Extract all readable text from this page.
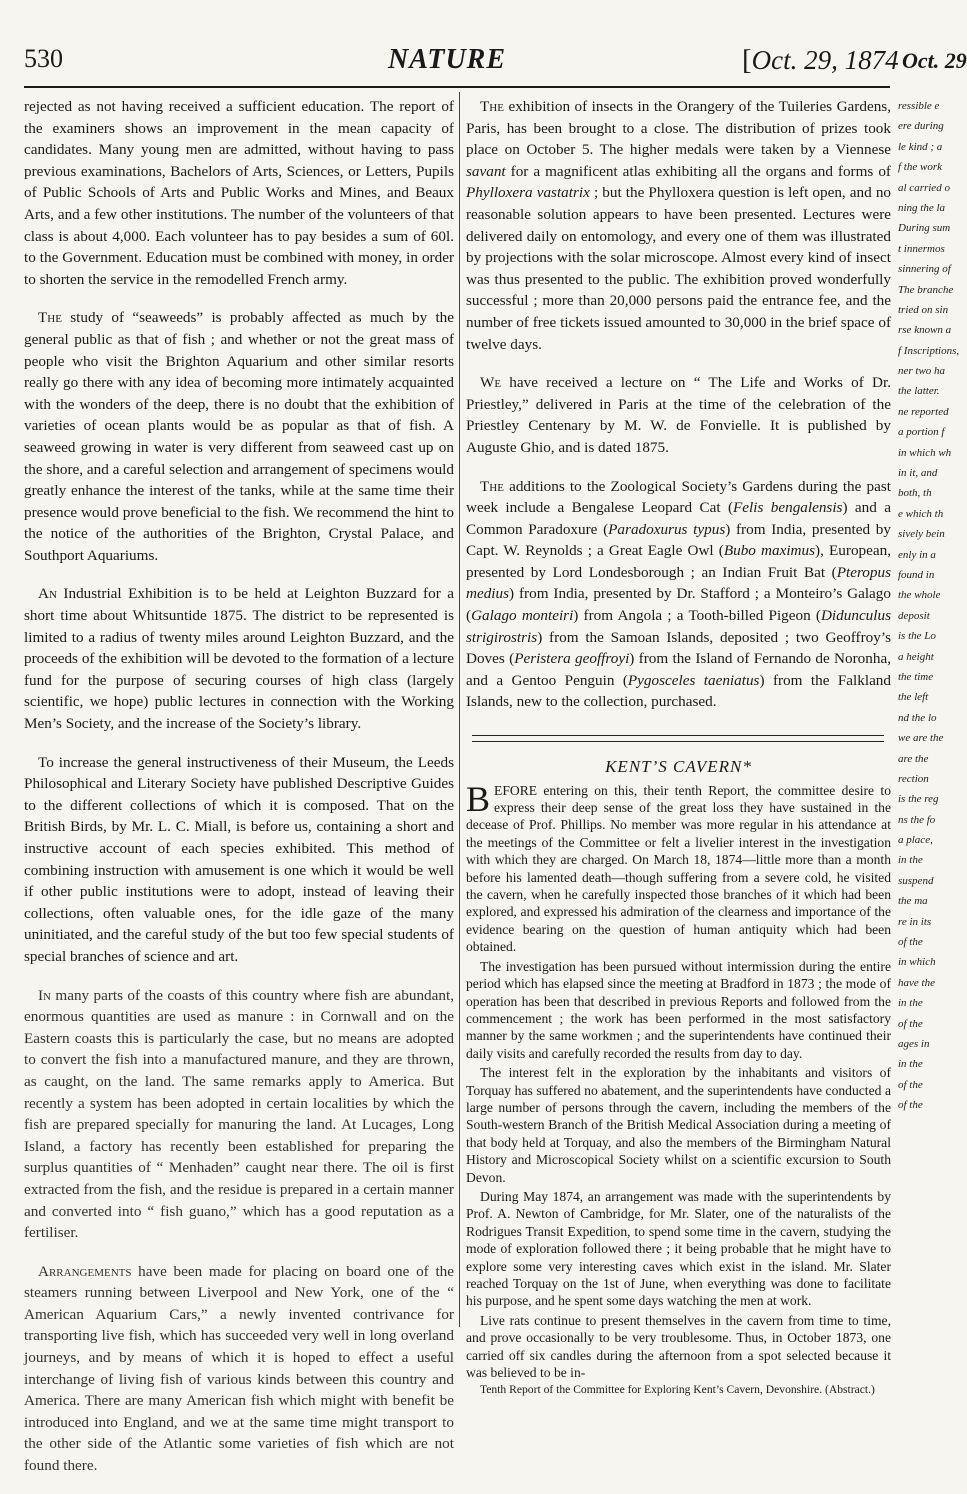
530	NATURE	[Oct. 29, 1874 Oct. 29

rejected as not having received a sufficient education. The report of the examiners shows an improvement in the mean capacity of candidates. Many young men are admitted, without having to pass previous examinations, Bachelors of Arts, Sciences, or Letters, Pupils of Public Schools of Arts and Public Works and Mines, and Beaux Arts, and a few other institutions. The number of the volunteers of that class is about 4,000. Each volunteer has to pay besides a sum of 60l. to the Government. Education must be combined with money, in order to shorten the service in the remodelled French army.

The study of “seaweeds” is probably affected as much by the general public as that of fish ; and whether or not the great mass of people who visit the Brighton Aquarium and other similar resorts really go there with any idea of becoming more intimately acquainted with the wonders of the deep, there is no doubt that the exhibition of varieties of ocean plants would be as popular as that of fish. A seaweed growing in water is very different from seaweed cast up on the shore, and a careful selection and arrangement of specimens would greatly enhance the interest of the tanks, while at the same time their presence would prove beneficial to the fish. We recommend the hint to the notice of the authorities of the Brighton, Crystal Palace, and Southport Aquariums.

An Industrial Exhibition is to be held at Leighton Buzzard for a short time about Whitsuntide 1875. The district to be represented is limited to a radius of twenty miles around Leighton Buzzard, and the proceeds of the exhibition will be devoted to the formation of a lecture fund for the purpose of securing courses of high class (largely scientific, we hope) public lectures in connection with the Working Men’s Society, and the increase of the Society’s library.

To increase the general instructiveness of their Museum, the Leeds Philosophical and Literary Society have published Descriptive Guides to the different collections of which it is composed. That on the British Birds, by Mr. L. C. Miall, is before us, containing a short and instructive account of each species exhibited. This method of combining instruction with amusement is one which it would be well if other public institutions were to adopt, instead of leaving their collections, often valuable ones, for the idle gaze of the many uninitiated, and the careful study of the but too few special students of special branches of science and art.

In many parts of the coasts of this country where fish are abundant, enormous quantities are used as manure : in Cornwall and on the Eastern coasts this is particularly the case, but no means are adopted to convert the fish into a manufactured manure, and they are thrown, as caught, on the land. The same remarks apply to America. But recently a system has been adopted in certain localities by which the fish are prepared specially for manuring the land. At Lucages, Long Island, a factory has recently been established for preparing the surplus quantities of “ Menhaden” caught near there. The oil is first extracted from the fish, and the residue is prepared in a certain manner and converted into “ fish guano,” which has a good reputation as a fertiliser.

Arrangements have been made for placing on board one of the steamers running between Liverpool and New York, one of the “ American Aquarium Cars,” a newly invented contrivance for transporting live fish, which has succeeded very well in long overland journeys, and by means of which it is hoped to effect a useful interchange of living fish of various kinds between this country and America. There are many American fish which might with benefit be introduced into England, and we at the same time might transport to the other side of the Atlantic some varieties of fish which are not found there.

The exhibition of insects in the Orangery of the Tuileries Gardens, Paris, has been brought to a close. The distribution of prizes took place on October 5. The higher medals were taken by a Viennese savant for a magnificent atlas exhibiting all the organs and forms of Phylloxera vastatrix ; but the Phylloxera question is left open, and no reasonable solution appears to have been presented. Lectures were delivered daily on entomology, and every one of them was illustrated by projections with the solar microscope. Almost every kind of insect was thus presented to the public. The exhibition proved wonderfully successful ; more than 20,000 persons paid the entrance fee, and the number of free tickets issued amounted to 30,000 in the brief space of twelve days.

We have received a lecture on “ The Life and Works of Dr. Priestley,” delivered in Paris at the time of the celebration of the Priestley Centenary by M. W. de Fonvielle. It is published by Auguste Ghio, and is dated 1875.

The additions to the Zoological Society’s Gardens during the past week include a Bengalese Leopard Cat (Felis bengalensis) and a Common Paradoxure (Paradoxurus typus) from India, presented by Capt. W. Reynolds ; a Great Eagle Owl (Bubo maximus), European, presented by Lord Londesborough ; an Indian Fruit Bat (Pteropus medius) from India, presented by Dr. Stafford ; a Monteiro’s Galago (Galago monteiri) from Angola ; a Tooth-billed Pigeon (Didunculus strigirostris) from the Samoan Islands, deposited ; two Geoffroy’s Doves (Peristera geoffroyi) from the Island of Fernando de Noronha, and a Gentoo Penguin (Pygosceles taeniatus) from the Falkland Islands, new to the collection, purchased.

KENT’S CAVERN*

BEFORE entering on this, their tenth Report, the committee desire to express their deep sense of the great loss they have sustained in the decease of Prof. Phillips. No member was more regular in his attendance at the meetings of the Committee or felt a livelier interest in the investigation with which they are charged. On March 18, 1874—little more than a month before his lamented death—though suffering from a severe cold, he visited the cavern, when he carefully inspected those branches of it which had been explored, and expressed his admiration of the clearness and importance of the evidence bearing on the question of human antiquity which had been obtained.

The investigation has been pursued without intermission during the entire period which has elapsed since the meeting at Bradford in 1873 ; the mode of operation has been that described in previous Reports and followed from the commencement ; the work has been performed in the most satisfactory manner by the same workmen ; and the superintendents have continued their daily visits and carefully recorded the results from day to day.

The interest felt in the exploration by the inhabitants and visitors of Torquay has suffered no abatement, and the superintendents have conducted a large number of persons through the cavern, including the members of the South-western Branch of the British Medical Association during a meeting of that body held at Torquay, and also the members of the Birmingham Natural History and Microscopical Society whilst on a scientific excursion to South Devon.

During May 1874, an arrangement was made with the superintendents by Prof. A. Newton of Cambridge, for Mr. Slater, one of the naturalists of the Rodrigues Transit Expedition, to spend some time in the cavern, studying the mode of exploration followed there ; it being probable that he might have to explore some very interesting caves which exist in the island. Mr. Slater reached Torquay on the 1st of June, when everything was done to facilitate his purpose, and he spent some days watching the men at work.

Live rats continue to present themselves in the cavern from time to time, and prove occasionally to be very troublesome. Thus, in October 1873, one carried off six candles during the afternoon from a spot selected because it was believed to be in-

Tenth Report of the Committee for Exploring Kent’s Cavern, Devonshire. (Abstract.)

ressible e
ere during
le kind ; a
f the work
al carried o
ning the la
During sum
t innermos
sinnering of
The branche
tried on sin
rse known a
f Inscriptions,
ner two ha
the latter.
ne reported
a portion f
in which wh
in it, and
both, th
e which th
sively bein
enly in a
found in
the whole
deposit
is the Lo
a height
the time
the left
nd the lo
we are the
are the
rection
is the reg
ns the fo
a place,
in the
suspend
the ma
re in its
of the
in which
have the
in the
of the
ages in
in the
of the
of the
